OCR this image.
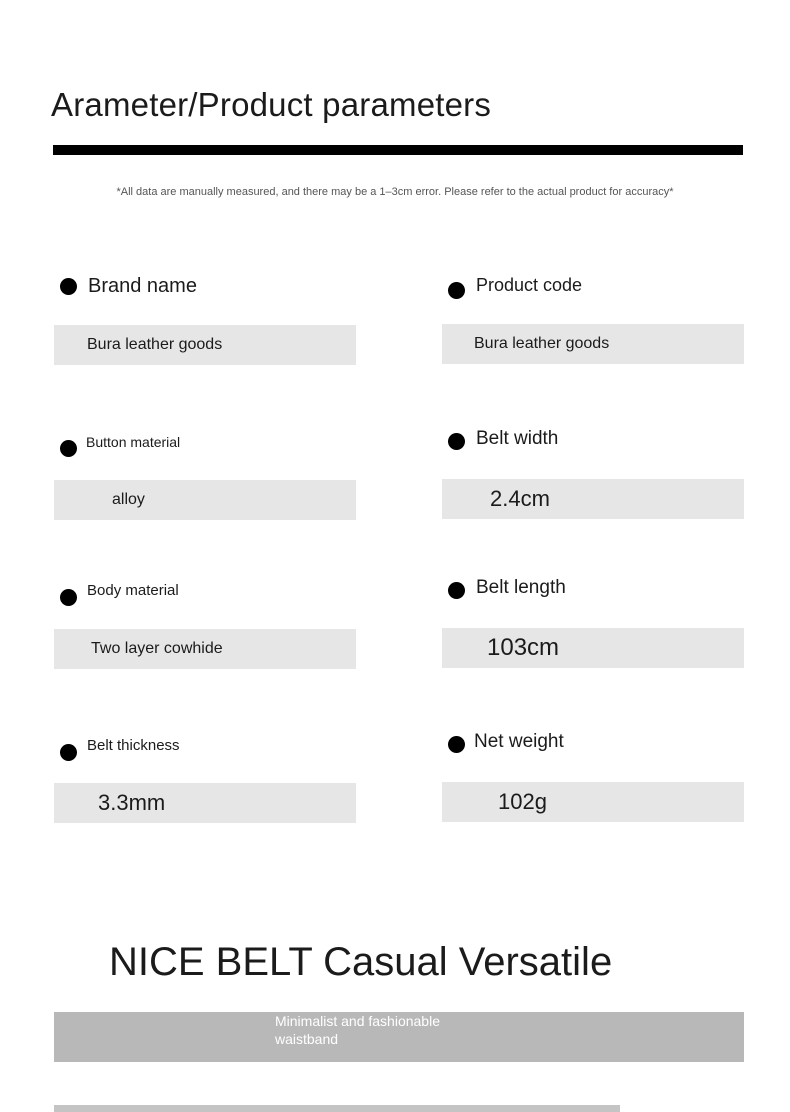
Arameter/Product parameters
*All data are manually measured, and there may be a 1–3cm error. Please refer to the actual product for accuracy*
Brand name
Bura leather goods
Product code
Bura leather goods
Button material
alloy
Belt width
2.4cm
Body material
Two layer cowhide
Belt length
103cm
Belt thickness
3.3mm
Net weight
102g
NICE BELT Casual Versatile
Minimalist and fashionable
waistband
